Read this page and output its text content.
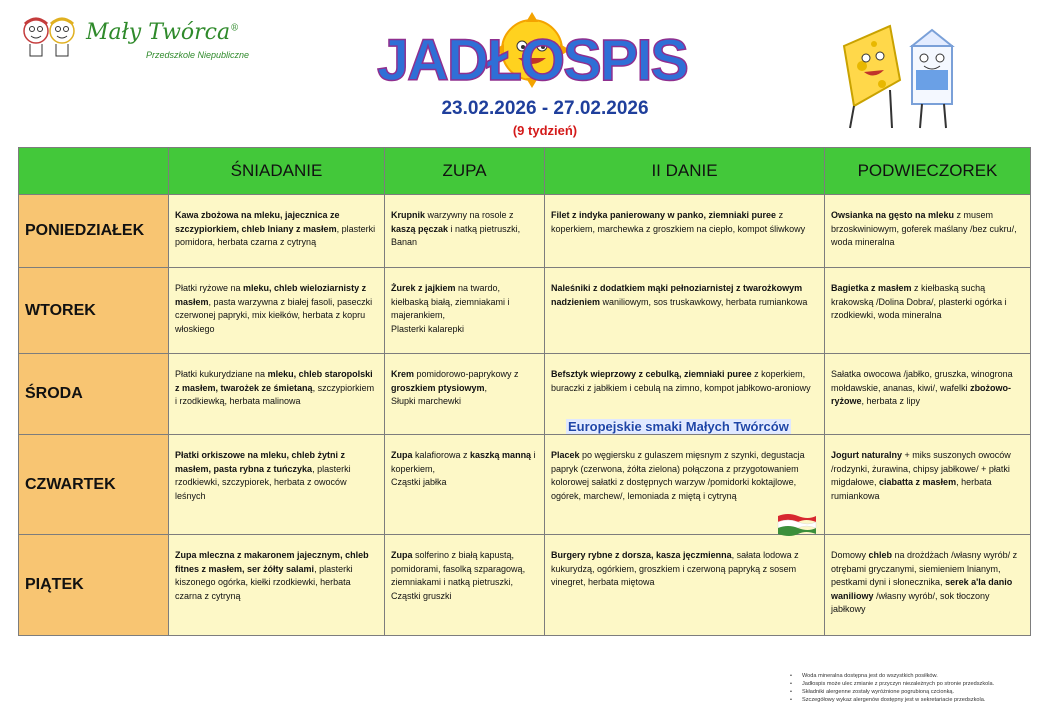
Mały Twórca®
Przedszkole Niepubliczne JADŁOSPIS
23.02.2026 - 27.02.2026
(9 tydzień)
	ŚNIADANIE	ZUPA	II DANIE	PODWIECZOREK
PONIEDZIAŁEK	Kawa zbożowa na mleku, jajecznica ze szczypiorkiem, chleb lniany z masłem, plasterki pomidora, herbata czarna z cytryną	Krupnik warzywny na rosole z kaszą pęczak i natką pietruszki, Banan	Filet z indyka panierowany w panko, ziemniaki puree z koperkiem, marchewka z groszkiem na ciepło, kompot śliwkowy	Owsianka na gęsto na mleku z musem brzoskwiniowym, goferek maślany /bez cukru/, woda mineralna
WTOREK	Płatki ryżowe na mleku, chleb wieloziarnisty z masłem, pasta warzywna z białej fasoli, paseczki czerwonej papryki, mix kiełków, herbata z kopru włoskiego	Żurek z jajkiem na twardo, kiełbaską białą, ziemniakami i majerankiem,
Plasterki kalarepki	Naleśniki z dodatkiem mąki pełnoziarnistej z twarożkowym nadzieniem waniliowym, sos truskawkowy, herbata rumiankowa	Bagietka z masłem z kiełbaską suchą krakowską /Dolina Dobra/, plasterki ogórka i rzodkiewki, woda mineralna
ŚRODA	Płatki kukurydziane na mleku, chleb staropolski z masłem, twarożek ze śmietaną, szczypiorkiem i rzodkiewką, herbata malinowa	Krem pomidorowo-paprykowy z groszkiem ptysiowym,
Słupki marchewki	Befsztyk wieprzowy z cebulką, ziemniaki puree z koperkiem, buraczki z jabłkiem i cebulą na zimno, kompot jabłkowo-aroniowy	Sałatka owocowa /jabłko, gruszka, winogrona mołdawskie, ananas, kiwi/, wafelki zbożowo-ryżowe, herbata z lipy
CZWARTEK	Płatki orkiszowe na mleku, chleb żytni z masłem, pasta rybna z tuńczyka, plasterki rzodkiewki, szczypiorek, herbata z owoców leśnych	Zupa kalafiorowa z kaszką manną i koperkiem,
Cząstki jabłka	Placek po węgiersku z gulaszem mięsnym z szynki, degustacja papryk (czerwona, żółta zielona) połączona z przygotowaniem kolorowej sałatki z dostępnych warzyw /pomidorki koktajlowe, ogórek, marchew/, lemoniada z miętą i cytryną	Jogurt naturalny + miks suszonych owoców /rodzynki, żurawina, chipsy jabłkowe/ + płatki migdałowe, ciabatta z masłem, herbata rumiankowa
PIĄTEK	Zupa mleczna z makaronem jajecznym, chleb fitnes z masłem, ser żółty salami, plasterki kiszonego ogórka, kiełki rzodkiewki, herbata czarna z cytryną	Zupa solferino z białą kapustą, pomidorami, fasolką szparagową, ziemniakami i natką pietruszki,
Cząstki gruszki	Burgery rybne z dorsza, kasza jęczmienna, sałata lodowa z kukurydzą, ogórkiem, groszkiem i czerwoną papryką z sosem vinegret, herbata miętowa	Domowy chleb na drożdżach /własny wyrób/ z otrębami gryczanymi, siemieniem lnianym, pestkami dyni i słonecznika, serek a'la danio waniliowy /własny wyrób/, sok tłoczony jabłkowy
Europejskie smaki Małych Twórców
• Woda mineralna dostępna jest do wszystkich posiłków.
• Jadłospis może ulec zmianie z przyczyn niezależnych po stronie przedszkola.
• Składniki alergenne zostały wyróżnione pogrubioną czcionką.
• Szczegółowy wykaz alergenów dostępny jest w sekretariacie przedszkola.
